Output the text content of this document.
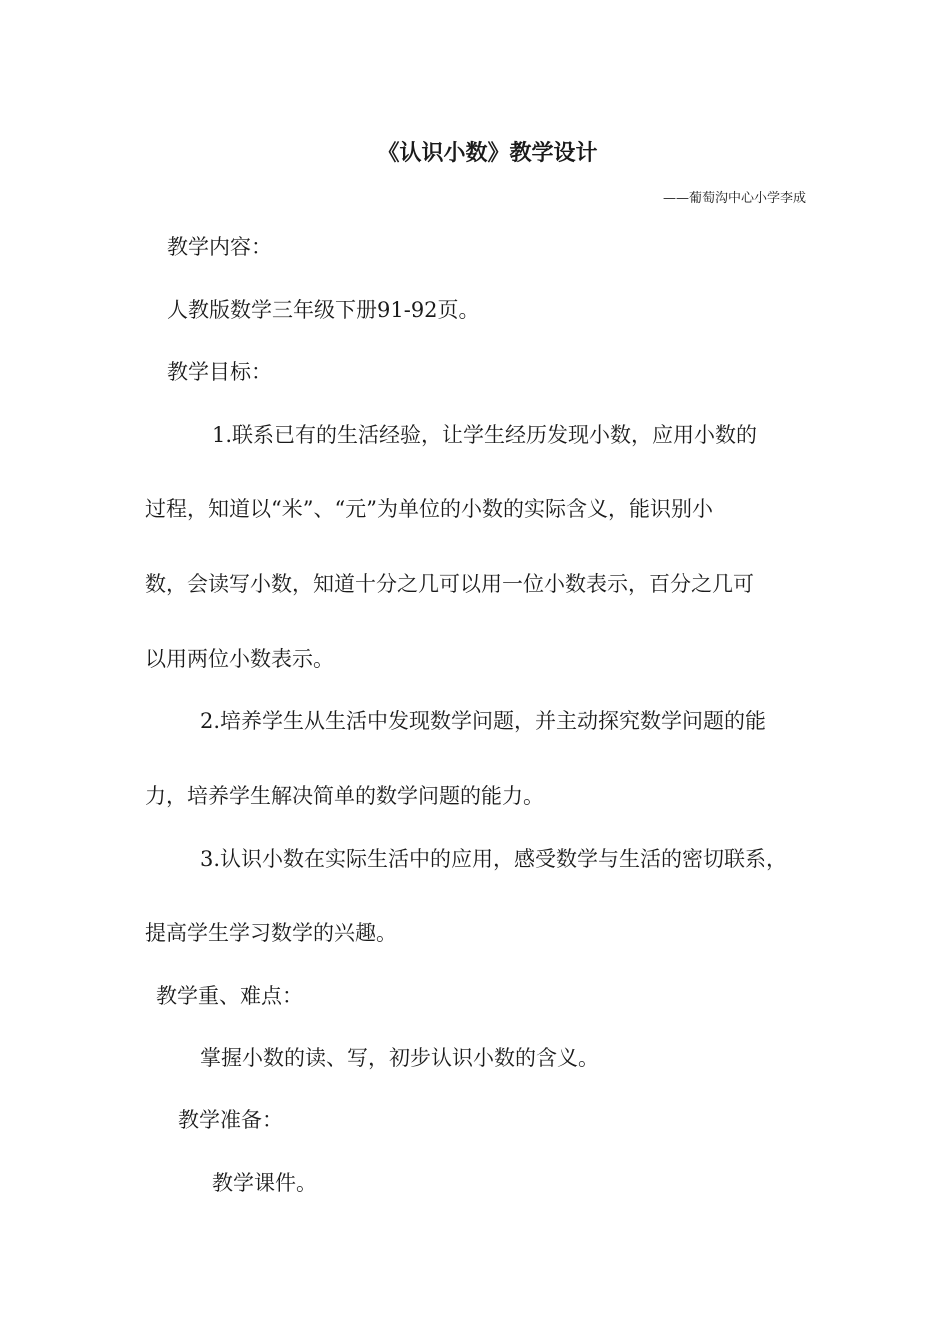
《认识小数》教学设计
——葡萄沟中心小学李成
教学内容：
人教版数学三年级下册91-92页。
教学目标：
1.联系已有的生活经验，让学生经历发现小数，应用小数的
过程，知道以“米”、“元”为单位的小数的实际含义，能识别小
数，会读写小数，知道十分之几可以用一位小数表示，百分之几可
以用两位小数表示。
2.培养学生从生活中发现数学问题，并主动探究数学问题的能
力，培养学生解决简单的数学问题的能力。
3.认识小数在实际生活中的应用，感受数学与生活的密切联系，
提高学生学习数学的兴趣。
教学重、难点：
掌握小数的读、写，初步认识小数的含义。
教学准备：
教学课件。
